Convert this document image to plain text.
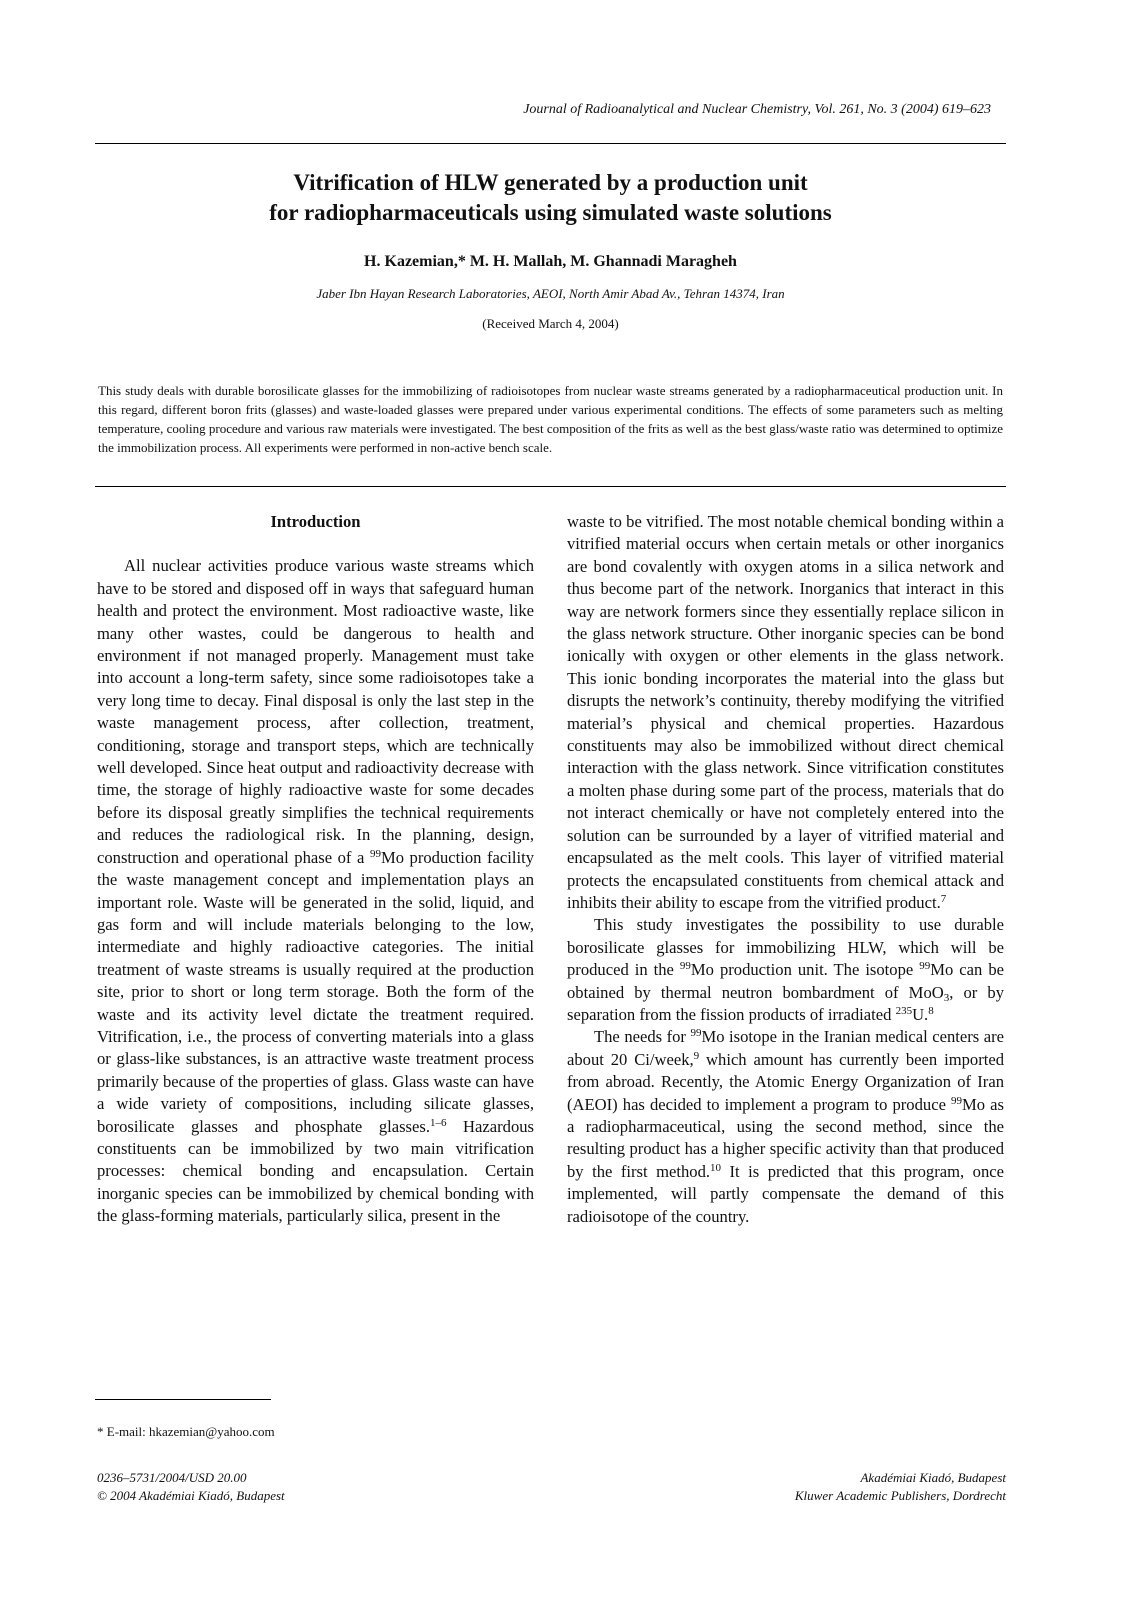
Journal of Radioanalytical and Nuclear Chemistry, Vol. 261, No. 3 (2004) 619–623
Vitrification of HLW generated by a production unit
for radiopharmaceuticals using simulated waste solutions
H. Kazemian,* M. H. Mallah, M. Ghannadi Maragheh
Jaber Ibn Hayan Research Laboratories, AEOI, North Amir Abad Av., Tehran 14374, Iran
(Received March 4, 2004)
This study deals with durable borosilicate glasses for the immobilizing of radioisotopes from nuclear waste streams generated by a radiopharmaceutical production unit. In this regard, different boron frits (glasses) and waste-loaded glasses were prepared under various experimental conditions. The effects of some parameters such as melting temperature, cooling procedure and various raw materials were investigated. The best composition of the frits as well as the best glass/waste ratio was determined to optimize the immobilization process. All experiments were performed in non-active bench scale.
Introduction

All nuclear activities produce various waste streams which have to be stored and disposed off in ways that safeguard human health and protect the environment. Most radioactive waste, like many other wastes, could be dangerous to health and environment if not managed properly. Management must take into account a long-term safety, since some radioisotopes take a very long time to decay. Final disposal is only the last step in the waste management process, after collection, treatment, conditioning, storage and transport steps, which are technically well developed. Since heat output and radioactivity decrease with time, the storage of highly radioactive waste for some decades before its disposal greatly simplifies the technical requirements and reduces the radiological risk. In the planning, design, construction and operational phase of a $^{99}$Mo production facility the waste management concept and implementation plays an important role. Waste will be generated in the solid, liquid, and gas form and will include materials belonging to the low, intermediate and highly radioactive categories. The initial treatment of waste streams is usually required at the production site, prior to short or long term storage. Both the form of the waste and its activity level dictate the treatment required. Vitrification, i.e., the process of converting materials into a glass or glass-like substances, is an attractive waste treatment process primarily because of the properties of glass. Glass waste can have a wide variety of compositions, including silicate glasses, borosilicate glasses and phosphate glasses.$^{1-6}$ Hazardous constituents can be immobilized by two main vitrification processes: chemical bonding and encapsulation. Certain inorganic species can be immobilized by chemical bonding with the glass-forming materials, particularly silica, present in the

waste to be vitrified. The most notable chemical bonding within a vitrified material occurs when certain metals or other inorganics are bond covalently with oxygen atoms in a silica network and thus become part of the network. Inorganics that interact in this way are network formers since they essentially replace silicon in the glass network structure. Other inorganic species can be bond ionically with oxygen or other elements in the glass network. This ionic bonding incorporates the material into the glass but disrupts the network’s continuity, thereby modifying the vitrified material’s physical and chemical properties. Hazardous constituents may also be immobilized without direct chemical interaction with the glass network. Since vitrification constitutes a molten phase during some part of the process, materials that do not interact chemically or have not completely entered into the solution can be surrounded by a layer of vitrified material and encapsulated as the melt cools. This layer of vitrified material protects the encapsulated constituents from chemical attack and inhibits their ability to escape from the vitrified product.$^7$

This study investigates the possibility to use durable borosilicate glasses for immobilizing HLW, which will be produced in the $^{99}$Mo production unit. The isotope $^{99}$Mo can be obtained by thermal neutron bombardment of MoO$_3$, or by separation from the fission products of irradiated $^{235}$U.$^8$

The needs for $^{99}$Mo isotope in the Iranian medical centers are about 20 Ci/week,$^9$ which amount has currently been imported from abroad. Recently, the Atomic Energy Organization of Iran (AEOI) has decided to implement a program to produce $^{99}$Mo as a radiopharmaceutical, using the second method, since the resulting product has a higher specific activity than that produced by the first method.$^{10}$ It is predicted that this program, once implemented, will partly compensate the demand of this radioisotope of the country.

* E-mail: hkazemian@yahoo.com
0236–5731/2004/USD 20.00
© 2004 Akadémiai Kiadó, Budapest
Akadémiai Kiadó, Budapest
Kluwer Academic Publishers, Dordrecht
